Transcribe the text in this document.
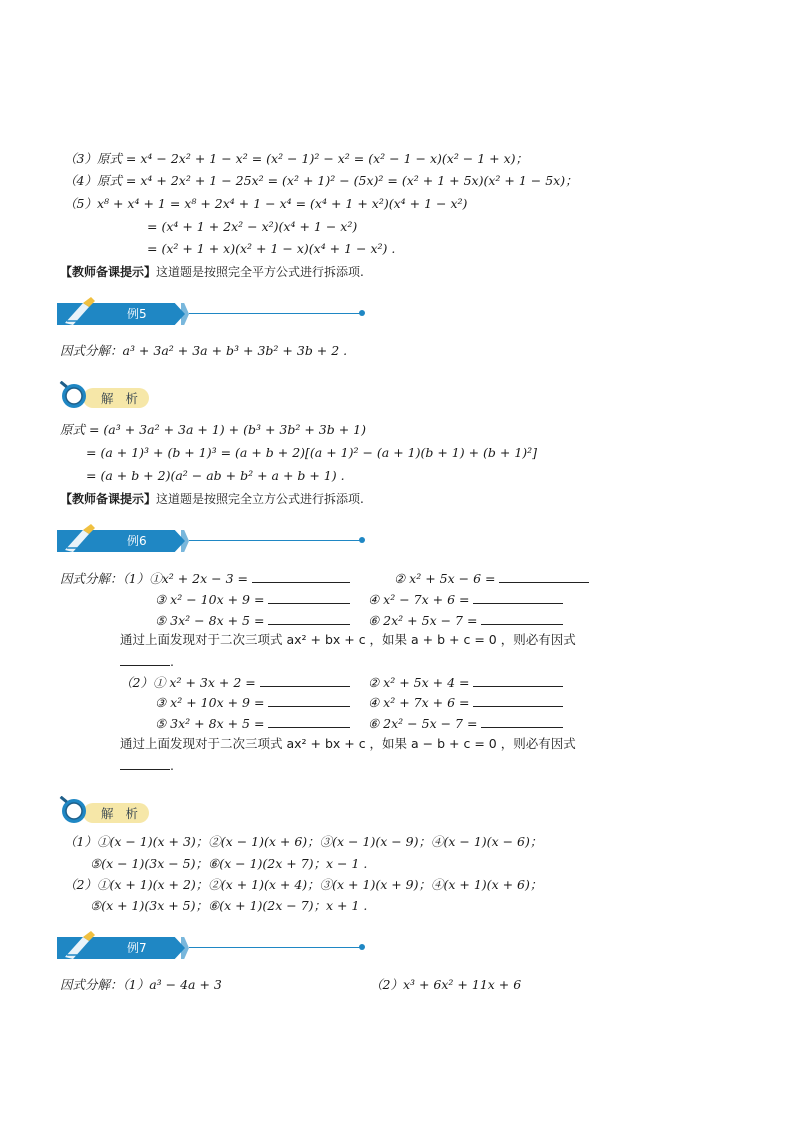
（3）原式 = x⁴ − 2x² + 1 − x² = (x² − 1)² − x² = (x² − 1 − x)(x² − 1 + x)；
（4）原式 = x⁴ + 2x² + 1 − 25x² = (x² + 1)² − (5x)² = (x² + 1 + 5x)(x² + 1 − 5x)；
（5）x⁸ + x⁴ + 1 = x⁸ + 2x⁴ + 1 − x⁴ = (x⁴ + 1 + x²)(x⁴ + 1 − x²)
= (x⁴ + 1 + 2x² − x²)(x⁴ + 1 − x²)
= (x² + 1 + x)(x² + 1 − x)(x⁴ + 1 − x²) .
【教师备课提示】这道题是按照完全平方公式进行拆添项.
例5
因式分解：a³ + 3a² + 3a + b³ + 3b² + 3b + 2 .
解 析
原式 = (a³ + 3a² + 3a + 1) + (b³ + 3b² + 3b + 1)
= (a + 1)³ + (b + 1)³ = (a + b + 2)[(a + 1)² − (a + 1)(b + 1) + (b + 1)²]
= (a + b + 2)(a² − ab + b² + a + b + 1) .
【教师备课提示】这道题是按照完全立方公式进行拆添项.
例6
因式分解：（1）①x² + 2x − 3 =	② x² + 5x − 6 =
③ x² − 10x + 9 =	④ x² − 7x + 6 =
⑤ 3x² − 8x + 5 =	⑥ 2x² + 5x − 7 =
通过上面发现对于二次三项式 ax² + bx + c ，如果 a + b + c = 0 ，则必有因式
.
（2）① x² + 3x + 2 =	② x² + 5x + 4 =
③ x² + 10x + 9 =	④ x² + 7x + 6 =
⑤ 3x² + 8x + 5 =	⑥ 2x² − 5x − 7 =
通过上面发现对于二次三项式 ax² + bx + c ，如果 a − b + c = 0 ，则必有因式
.
解 析
（1）①(x − 1)(x + 3)；②(x − 1)(x + 6)；③(x − 1)(x − 9)；④(x − 1)(x − 6)；
⑤(x − 1)(3x − 5)；⑥(x − 1)(2x + 7)；x − 1 .
（2）①(x + 1)(x + 2)；②(x + 1)(x + 4)；③(x + 1)(x + 9)；④(x + 1)(x + 6)；
⑤(x + 1)(3x + 5)；⑥(x + 1)(2x − 7)；x + 1 .
例7
因式分解：（1）a³ − 4a + 3	（2）x³ + 6x² + 11x + 6
